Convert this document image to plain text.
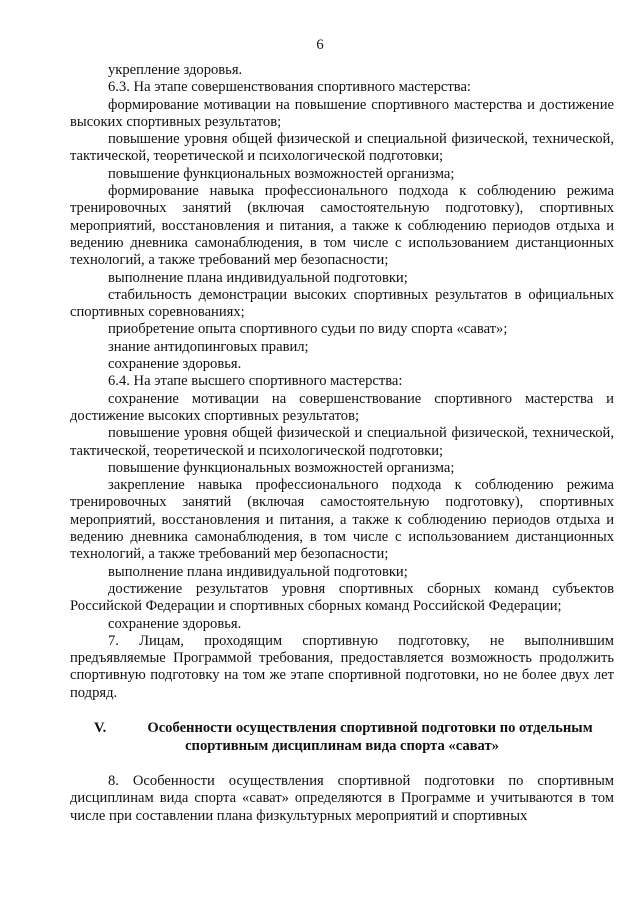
6

укрепление здоровья.

6.3. На этапе совершенствования спортивного мастерства:

формирование мотивации на повышение спортивного мастерства и достижение высоких спортивных результатов;

повышение уровня общей физической и специальной физической, технической, тактической, теоретической и психологической подготовки;

повышение функциональных возможностей организма;

формирование навыка профессионального подхода к соблюдению режима тренировочных занятий (включая самостоятельную подготовку), спортивных мероприятий, восстановления и питания, а также к соблюдению периодов отдыха и ведению дневника самонаблюдения, в том числе с использованием дистанционных технологий, а также требований мер безопасности;

выполнение плана индивидуальной подготовки;

стабильность демонстрации высоких спортивных результатов в официальных спортивных соревнованиях;

приобретение опыта спортивного судьи по виду спорта «сават»;

знание антидопинговых правил;

сохранение здоровья.

6.4. На этапе высшего спортивного мастерства:

сохранение мотивации на совершенствование спортивного мастерства и достижение высоких спортивных результатов;

повышение уровня общей физической и специальной физической, технической, тактической, теоретической и психологической подготовки;

повышение функциональных возможностей организма;

закрепление навыка профессионального подхода к соблюдению режима тренировочных занятий (включая самостоятельную подготовку), спортивных мероприятий, восстановления и питания, а также к соблюдению периодов отдыха и ведению дневника самонаблюдения, в том числе с использованием дистанционных технологий, а также требований мер безопасности;

выполнение плана индивидуальной подготовки;

достижение результатов уровня спортивных сборных команд субъектов Российской Федерации и спортивных сборных команд Российской Федерации;

сохранение здоровья.

7. Лицам, проходящим спортивную подготовку, не выполнившим предъявляемые Программой требования, предоставляется возможность продолжить спортивную подготовку на том же этапе спортивной подготовки, но не более двух лет подряд.

V.	Особенности осуществления спортивной подготовки по отдельным
спортивным дисциплинам вида спорта «сават»

8. Особенности осуществления спортивной подготовки по спортивным дисциплинам вида спорта «сават» определяются в Программе и учитываются в том числе при составлении плана физкультурных мероприятий и спортивных
